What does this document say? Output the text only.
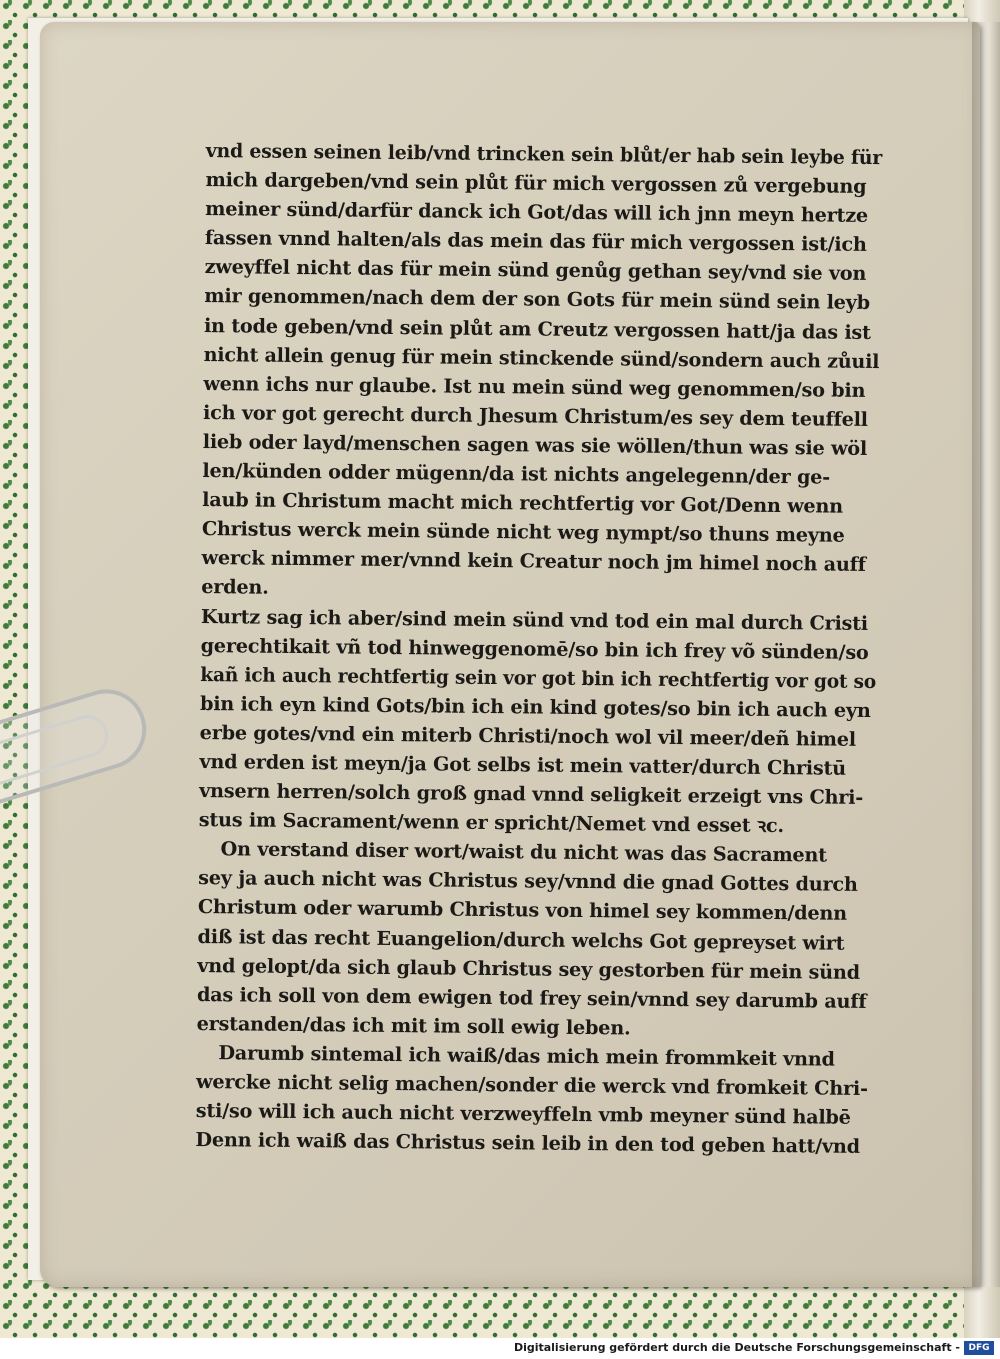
vnd essen seinen leib/vnd trincken sein blůt/er hab sein leybe für
mich dargeben/vnd sein plůt für mich vergossen zů vergebung
meiner sünd/darfür danck ich Got/das will ich jnn meyn hertze
fassen vnnd halten/als das mein das für mich vergossen ist/ich
zweyffel nicht das für mein sünd genůg gethan sey/vnd sie von
mir genommen/nach dem der son Gots für mein sünd sein leyb
in tode geben/vnd sein plůt am Creutz vergossen hatt/ja das ist
nicht allein genug für mein stinckende sünd/sondern auch zůuil
wenn ichs nur glaube. Ist nu mein sünd weg genommen/so bin
ich vor got gerecht durch Jhesum Christum/es sey dem teuffell
lieb oder layd/menschen sagen was sie wöllen/thun was sie wöl
len/künden odder mügenn/da ist nichts angelegenn/der ge-
laub in Christum macht mich rechtfertig vor Got/Denn wenn
Christus werck mein sünde nicht weg nympt/so thuns meyne
werck nimmer mer/vnnd kein Creatur noch jm himel noch auff
erden.
Kurtz sag ich aber/sind mein sünd vnd tod ein mal durch Cristi
gerechtikait vñ tod hinweggenomē/so bin ich frey võ sünden/so
kañ ich auch rechtfertig sein vor got bin ich rechtfertig vor got so
bin ich eyn kind Gots/bin ich ein kind gotes/so bin ich auch eyn
erbe gotes/vnd ein miterb Christi/noch wol vil meer/deñ himel
vnd erden ist meyn/ja Got selbs ist mein vatter/durch Christū
vnsern herren/solch groß gnad vnnd seligkeit erzeigt vns Chri-
stus im Sacrament/wenn er spricht/Nemet vnd esset ꝛc.
On verstand diser wort/waist du nicht was das Sacrament
sey ja auch nicht was Christus sey/vnnd die gnad Gottes durch
Christum oder warumb Christus von himel sey kommen/denn
diß ist das recht Euangelion/durch welchs Got gepreyset wirt
vnd gelopt/da sich glaub Christus sey gestorben für mein sünd
das ich soll von dem ewigen tod frey sein/vnnd sey darumb auff
erstanden/das ich mit im soll ewig leben.
Darumb sintemal ich waiß/das mich mein frommkeit vnnd
wercke nicht selig machen/sonder die werck vnd fromkeit Chri-
sti/so will ich auch nicht verzweyffeln vmb meyner sünd halbē
Denn ich waiß das Christus sein leib in den tod geben hatt/vnd
Digitalisierung gefördert durch die Deutsche Forschungsgemeinschaft - DFG
